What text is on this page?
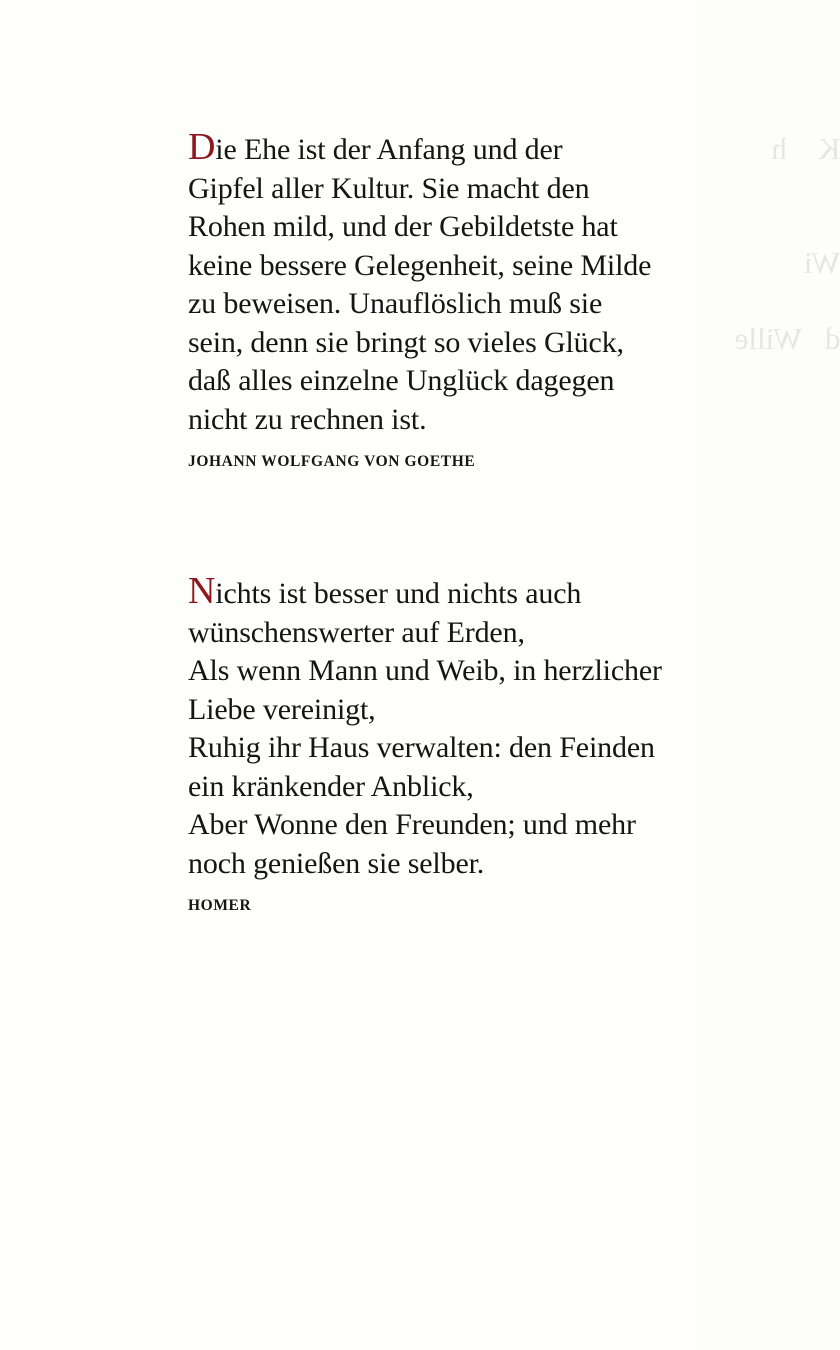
K    h

Wi

d   Wille

Die Ehe ist der Anfang und der

Gipfel aller Kultur. Sie macht den

Rohen mild, und der Gebildetste hat

keine bessere Gelegenheit, seine Milde

zu beweisen. Unauflöslich muß sie

sein, denn sie bringt so vieles Glück,

daß alles einzelne Unglück dagegen

nicht zu rechnen ist.

JOHANN WOLFGANG VON GOETHE

Nichts ist besser und nichts auch

wünschenswerter auf Erden,

Als wenn Mann und Weib, in herzlicher

Liebe vereinigt,

Ruhig ihr Haus verwalten: den Feinden

ein kränkender Anblick,

Aber Wonne den Freunden; und mehr

noch genießen sie selber.

HOMER
